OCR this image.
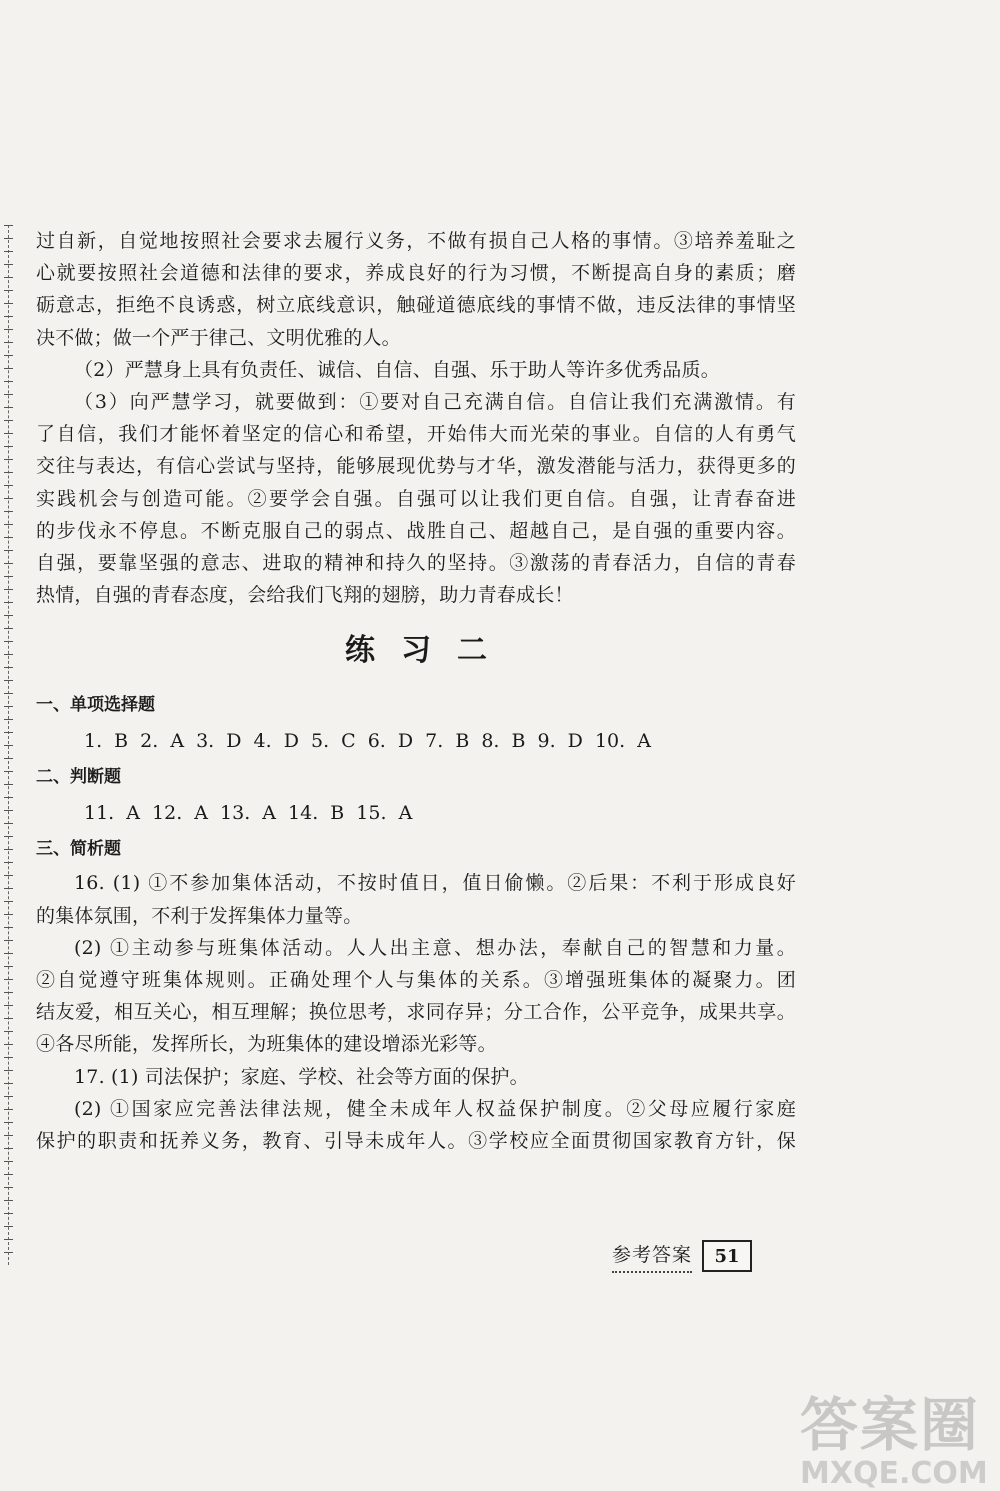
过自新，自觉地按照社会要求去履行义务，不做有损自己人格的事情。③培养羞耻之

心就要按照社会道德和法律的要求，养成良好的行为习惯，不断提高自身的素质；磨

砺意志，拒绝不良诱惑，树立底线意识，触碰道德底线的事情不做，违反法律的事情坚

决不做；做一个严于律己、文明优雅的人。

（2）严慧身上具有负责任、诚信、自信、自强、乐于助人等许多优秀品质。

（3）向严慧学习，就要做到：①要对自己充满自信。自信让我们充满激情。有

了自信，我们才能怀着坚定的信心和希望，开始伟大而光荣的事业。自信的人有勇气

交往与表达，有信心尝试与坚持，能够展现优势与才华，激发潜能与活力，获得更多的

实践机会与创造可能。②要学会自强。自强可以让我们更自信。自强，让青春奋进

的步伐永不停息。不断克服自己的弱点、战胜自己、超越自己，是自强的重要内容。

自强，要靠坚强的意志、进取的精神和持久的坚持。③激荡的青春活力，自信的青春

热情，自强的青春态度，会给我们飞翔的翅膀，助力青春成长！

练习二

一、单项选择题

1. B 2. A 3. D 4. D 5. C 6. D 7. B 8. B 9. D 10. A

二、判断题

11. A 12. A 13. A 14. B 15. A

三、简析题

16. (1) ①不参加集体活动，不按时值日，值日偷懒。②后果：不利于形成良好

的集体氛围，不利于发挥集体力量等。

(2) ①主动参与班集体活动。人人出主意、想办法，奉献自己的智慧和力量。

②自觉遵守班集体规则。正确处理个人与集体的关系。③增强班集体的凝聚力。团

结友爱，相互关心，相互理解；换位思考，求同存异；分工合作，公平竞争，成果共享。

④各尽所能，发挥所长，为班集体的建设增添光彩等。

17. (1) 司法保护；家庭、学校、社会等方面的保护。

(2) ①国家应完善法律法规，健全未成年人权益保护制度。②父母应履行家庭

保护的职责和抚养义务，教育、引导未成年人。③学校应全面贯彻国家教育方针，保

参考答案	51
答案圈
MXQE.COM
